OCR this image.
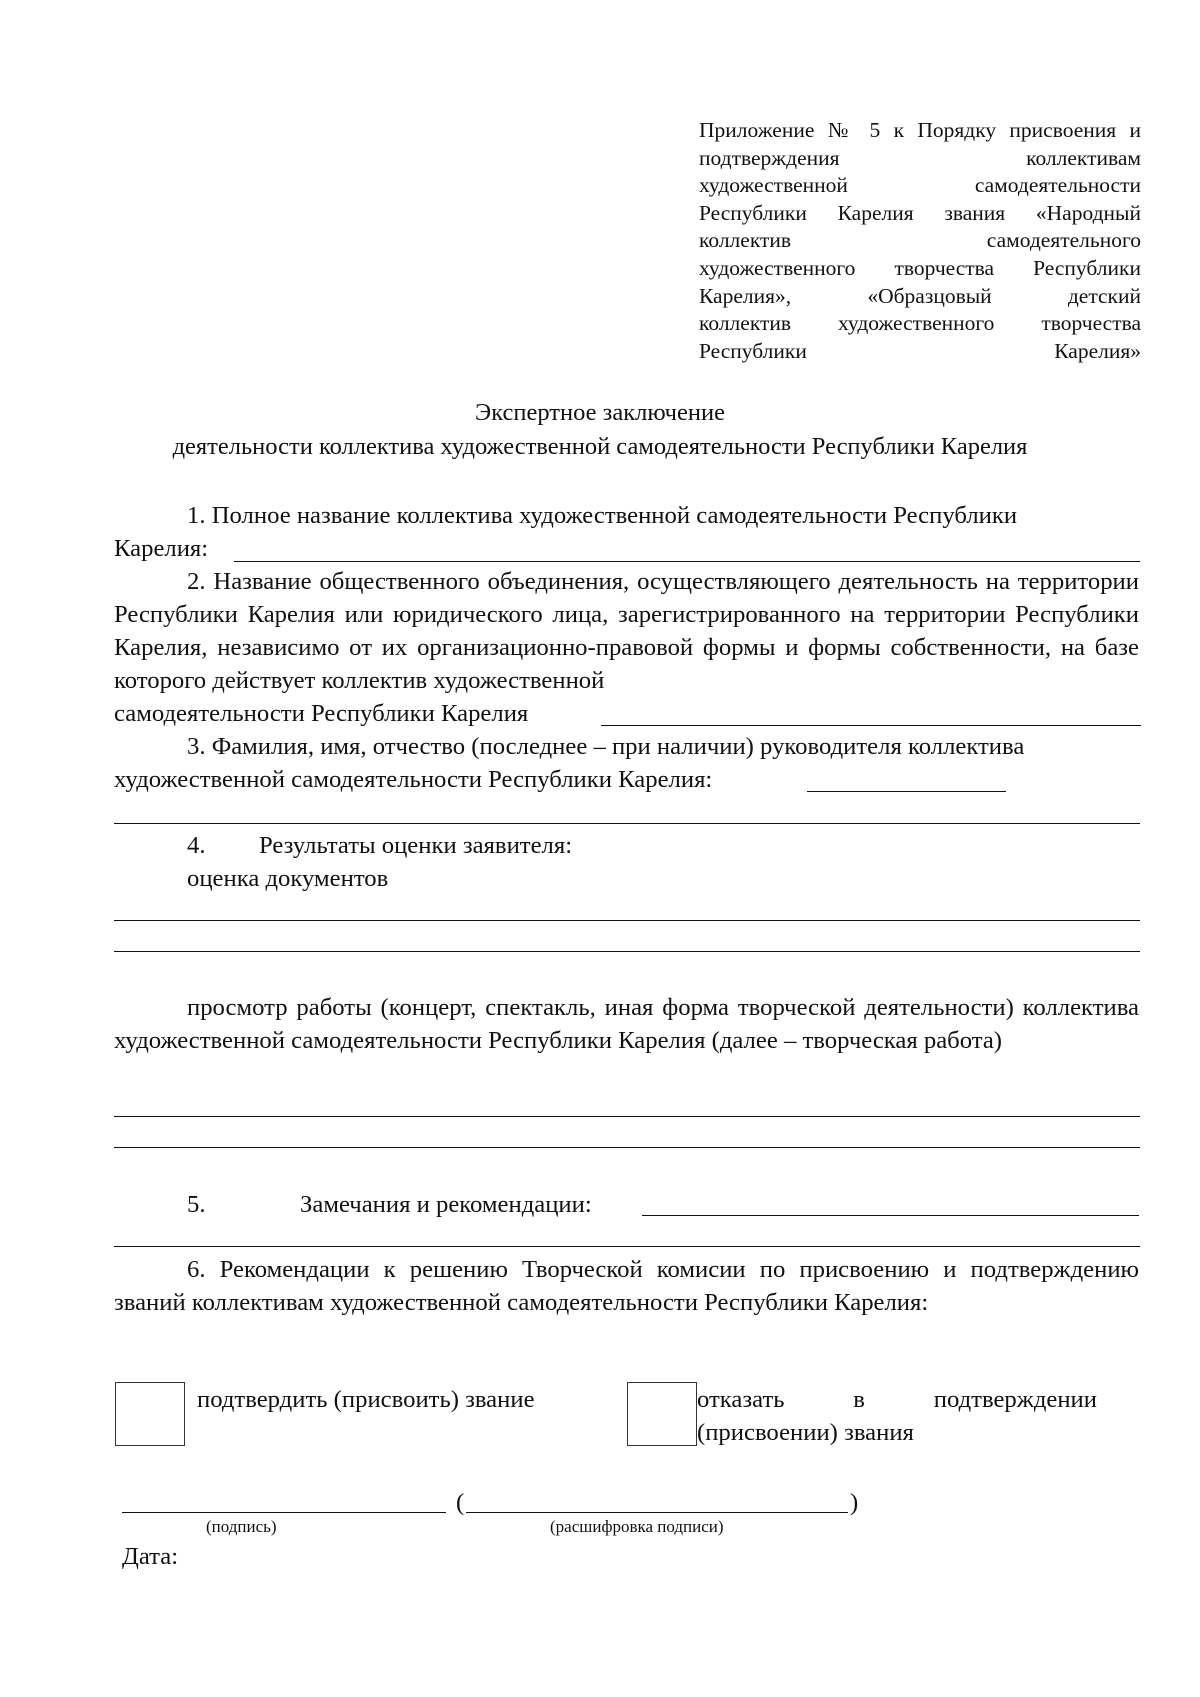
Приложение № 5 к Порядку присвоения и
подтверждения коллективам
художественной самодеятельности
Республики Карелия звания «Народный
коллектив самодеятельного
художественного творчества Республики
Карелия», «Образцовый детский
коллектив художественного творчества
Республики Карелия»
Экспертное заключение
деятельности коллектива художественной самодеятельности Республики Карелия
1. Полное название коллектива художественной самодеятельности Республики
Карелия:
2. Название общественного объединения, осуществляющего деятельность на территории Республики Карелия или юридического лица, зарегистрированного на территории Республики Карелия, независимо от их организационно-правовой формы и формы собственности, на базе которого действует коллектив художественной
самодеятельности Республики Карелия
3. Фамилия, имя, отчество (последнее – при наличии) руководителя коллектива
художественной самодеятельности Республики Карелия:
4. Результаты оценки заявителя:
оценка документов
просмотр работы (концерт, спектакль, иная форма творческой деятельности) коллектива художественной самодеятельности Республики Карелия (далее – творческая работа)
5.	Замечания и рекомендации:
6. Рекомендации к решению Творческой комисии по присвоению и подтверждению званий коллективам художественной самодеятельности Республики Карелия:
подтвердить (присвоить) звание	отказать в подтверждении
(присвоении) звания
(	)
(подпись)	(расшифровка подписи)
Дата:
